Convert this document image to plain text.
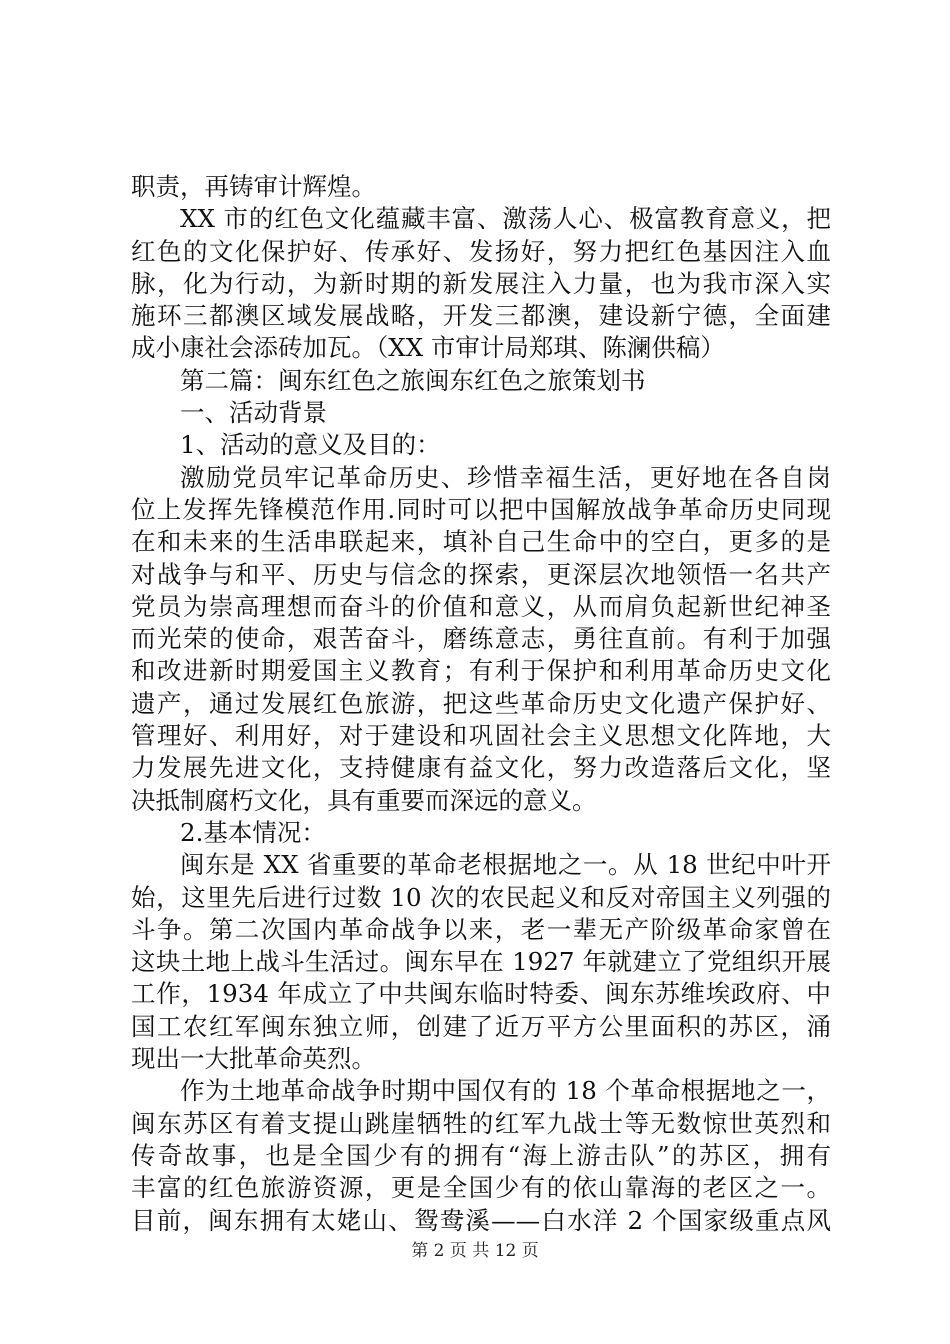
职责，再铸审计辉煌。
XX 市的红色文化蕴藏丰富、激荡人心、极富教育意义，把
红色的文化保护好、传承好、发扬好，努力把红色基因注入血
脉，化为行动，为新时期的新发展注入力量，也为我市深入实
施环三都澳区域发展战略，开发三都澳，建设新宁德，全面建
成小康社会添砖加瓦。（XX 市审计局郑琪、陈澜供稿）
第二篇：闽东红色之旅闽东红色之旅策划书
一、活动背景
1、活动的意义及目的：
激励党员牢记革命历史、珍惜幸福生活，更好地在各自岗
位上发挥先锋模范作用.同时可以把中国解放战争革命历史同现
在和未来的生活串联起来，填补自己生命中的空白，更多的是
对战争与和平、历史与信念的探索，更深层次地领悟一名共产
党员为崇高理想而奋斗的价值和意义，从而肩负起新世纪神圣
而光荣的使命，艰苦奋斗，磨练意志，勇往直前。有利于加强
和改进新时期爱国主义教育；有利于保护和利用革命历史文化
遗产，通过发展红色旅游，把这些革命历史文化遗产保护好、
管理好、利用好，对于建设和巩固社会主义思想文化阵地，大
力发展先进文化，支持健康有益文化，努力改造落后文化，坚
决抵制腐朽文化，具有重要而深远的意义。
2.基本情况：
闽东是 XX 省重要的革命老根据地之一。从 18 世纪中叶开
始，这里先后进行过数 10 次的农民起义和反对帝国主义列强的
斗争。第二次国内革命战争以来，老一辈无产阶级革命家曾在
这块土地上战斗生活过。闽东早在 1927 年就建立了党组织开展
工作，1934 年成立了中共闽东临时特委、闽东苏维埃政府、中
国工农红军闽东独立师，创建了近万平方公里面积的苏区，涌
现出一大批革命英烈。
作为土地革命战争时期中国仅有的 18 个革命根据地之一，
闽东苏区有着支提山跳崖牺牲的红军九战士等无数惊世英烈和
传奇故事，也是全国少有的拥有“海上游击队”的苏区，拥有
丰富的红色旅游资源，更是全国少有的依山靠海的老区之一。
目前，闽东拥有太姥山、鸳鸯溪——白水洋 2 个国家级重点风
第 2 页 共 12 页
